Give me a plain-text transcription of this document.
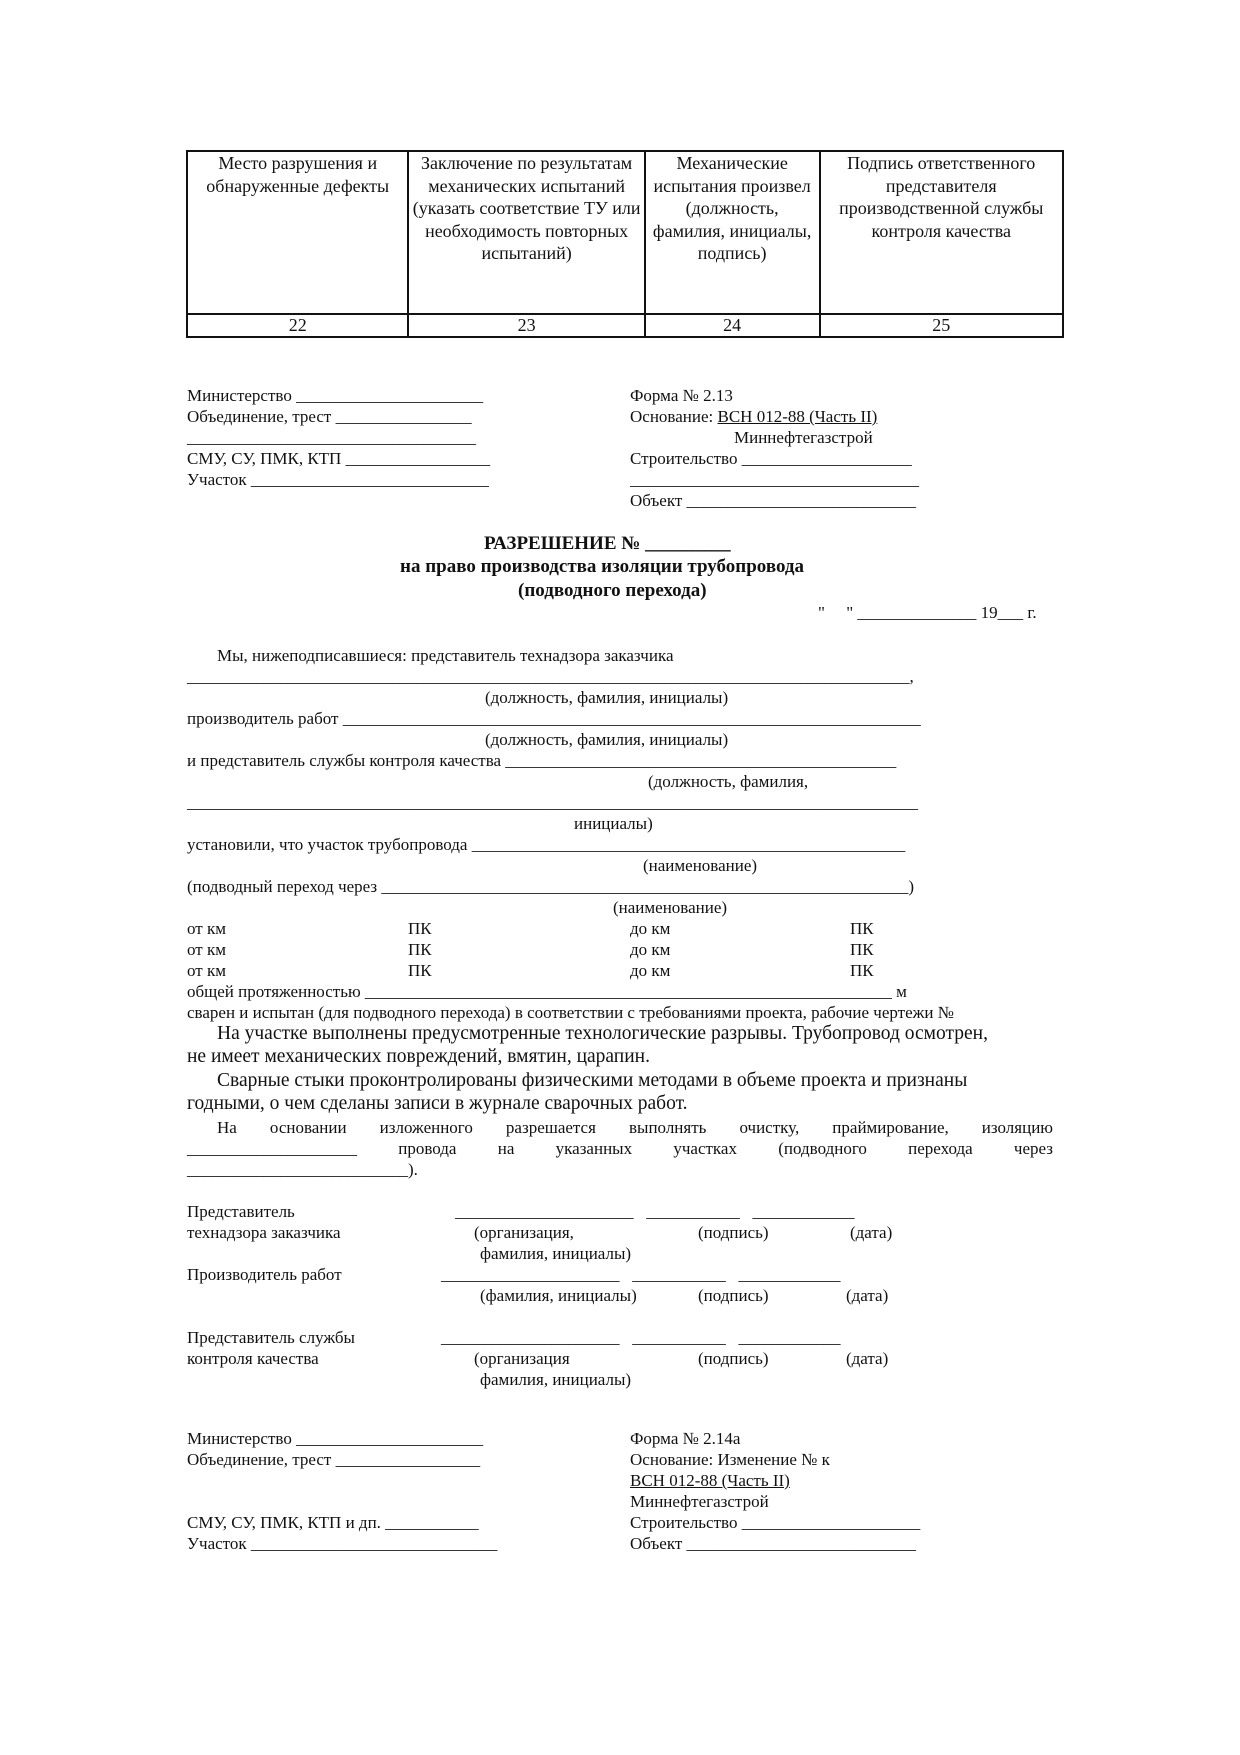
Место разрушения и обнаруженные дефекты	Заключение по результатам механических испытаний (указать соответствие ТУ или необходимость повторных испытаний)	Механические испытания произвел (должность, фамилия, инициалы, подпись)	Подпись ответственного представителя производственной службы контроля качества
22	23	24	25
Министерство ______________________
Объединение, трест ________________
__________________________________
СМУ, СУ, ПМК, КТП _________________
Участок ____________________________
Форма № 2.13
Основание: ВСН 012-88 (Часть II)
Миннефтегазстрой
Строительство ____________________
__________________________________
Объект ___________________________
РАЗРЕШЕНИЕ № _________
на право производства изоляции трубопровода
(подводного перехода)
"     " ______________ 19___ г.
Мы, нижеподписавшиеся: представитель технадзора заказчика
_____________________________________________________________________________________,
(должность, фамилия, инициалы)
производитель работ ____________________________________________________________________
(должность, фамилия, инициалы)
и представитель службы контроля качества ______________________________________________
(должность, фамилия,
______________________________________________________________________________________
инициалы)
установили, что участок трубопровода ___________________________________________________
(наименование)
(подводный переход через ______________________________________________________________)
(наименование)
от км	ПК	до км	ПК
от км	ПК	до км	ПК
от км	ПК	до км	ПК
общей протяженностью ______________________________________________________________ м
сварен и испытан (для подводного перехода) в соответствии с требованиями проекта, рабочие чертежи №
На участке выполнены предусмотренные технологические разрывы. Трубопровод осмотрен,
не имеет механических повреждений, вмятин, царапин.
Сварные стыки проконтролированы физическими методами в объеме проекта и признаны
годными, о чем сделаны записи в журнале сварочных работ.
На основании изложенного разрешается выполнять очистку, праймирование, изоляцию
____________________ провода на указанных участках (подводного перехода через
__________________________).
Представитель
технадзора заказчика
_____________________   ___________   ____________
(организация,
фамилия, инициалы)
(подпись)	(дата)
Производитель работ	_____________________   ___________   ____________
(фамилия, инициалы)	(подпись)	(дата)
Представитель службы
контроля качества
_____________________   ___________   ____________
(организация
фамилия, инициалы)
(подпись)	(дата)
Министерство ______________________
Объединение, трест _________________
СМУ, СУ, ПМК, КТП и дп. ___________
Участок _____________________________
Форма № 2.14а
Основание: Изменение № к
ВСН 012-88 (Часть II)
Миннефтегазстрой
Строительство _____________________
Объект ___________________________
